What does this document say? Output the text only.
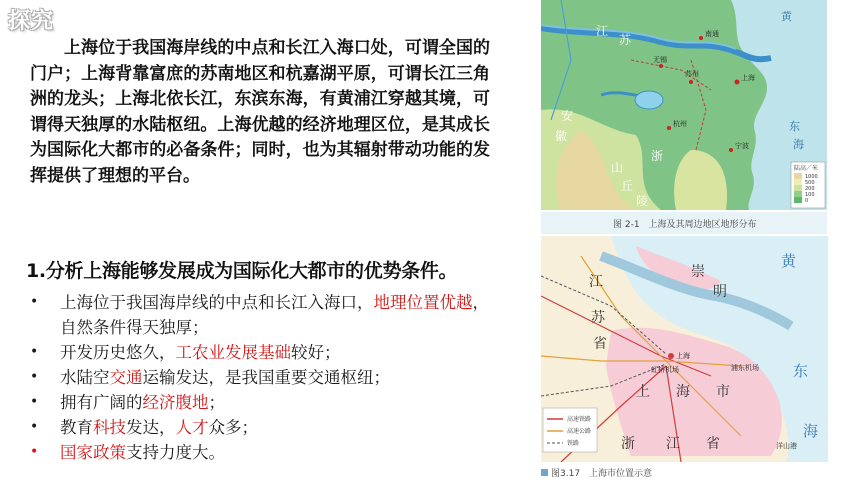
探究

上海位于我国海岸线的中点和长江入海口处，可谓全国的门户；上海背靠富庶的苏南地区和杭嘉湖平原，可谓长江三角洲的龙头；上海北依长江，东滨东海，有黄浦江穿越其境，可谓得天独厚的水陆枢纽。上海优越的经济地理区位，是其成长为国际化大都市的必备条件；同时，也为其辐射带动功能的发挥提供了理想的平台。

1.分析上海能够发展成为国际化大都市的优势条件。
• 上海位于我国海岸线的中点和长江入海口，地理位置优越，自然条件得天独厚；
• 开发历史悠久，工农业发展基础较好；
• 水陆空交通运输发达，是我国重要交通枢纽；
• 拥有广阔的经济腹地；
• 教育科技发达，人才众多；
• 国家政策支持力度大。
江
苏
安
徽
浙
山
丘
陵
东
海
黄
南通
上海
杭州
宁波
苏州
无锡
陆高／米
1000
500
200
100
0
图 2-1　上海及其周边地区地形分布
江
苏
省
崇
明
上 海 市
浙 江 省
黄
东
海
上海
虹桥机场	浦东机场
洋山港
高速铁路
高速公路
铁路
图3.17　上海市位置示意
